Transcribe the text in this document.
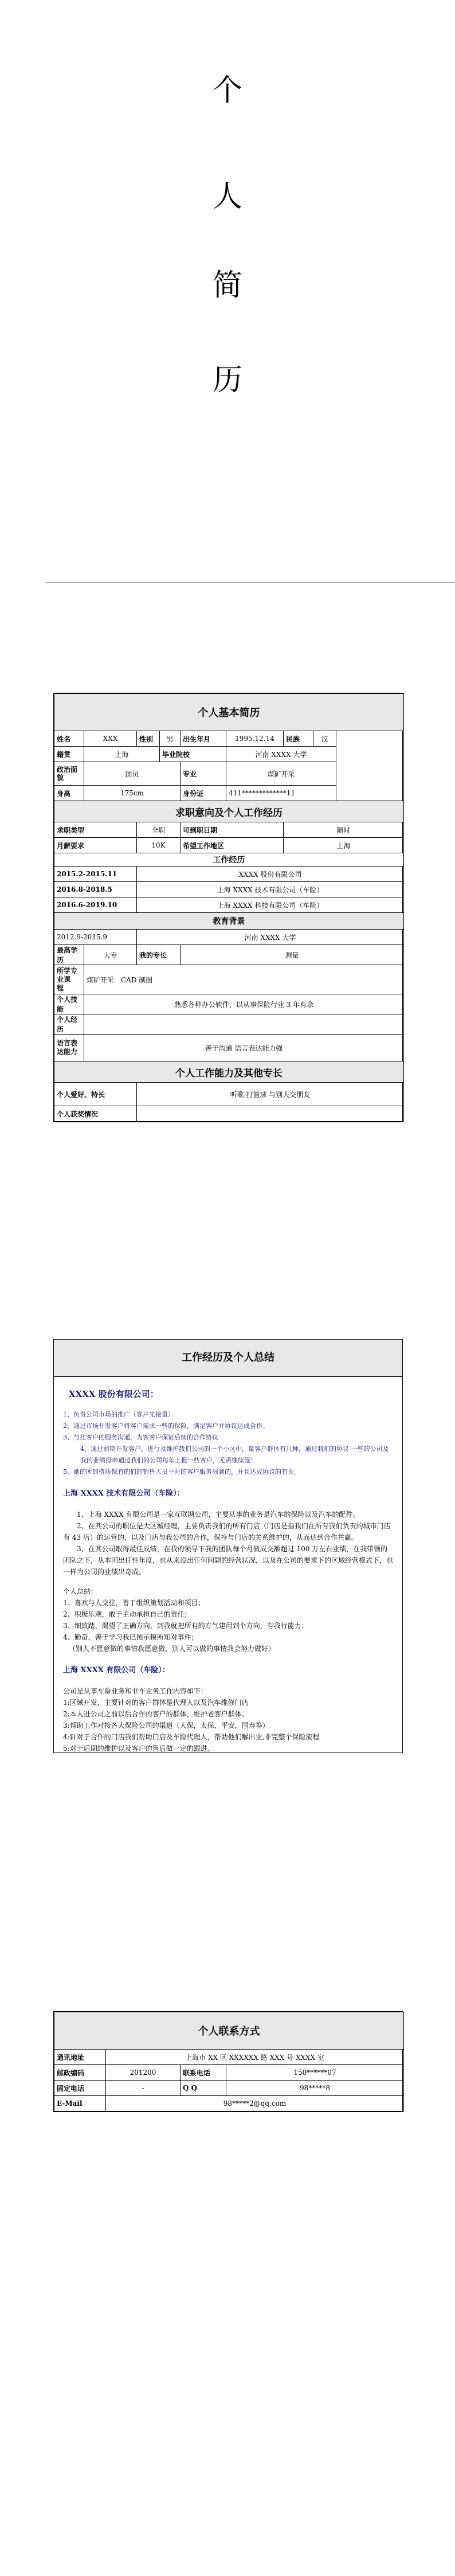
个
人
简
历
个人基本简历								
姓名	XXX	性别	男	出生年月	1995.12.14	民族	汉	
籍贯	上海		毕业院校		河南 XXXX 大学			
政治面貌	团员			专业	煤矿开采			
身高	175cm			身份证	411*************11			
求职意向及个人工作经历								
求职类型		全职		可到职日期		随时		
月薪要求		10K		希望工作地区		上海		
工作经历								
2015.2-2015.11		XXXX 股份有限公司						
2016.8-2018.5		上海 XXXX 技术有限公司（车险）						
2016.6-2019.10		上海 XXXX 科技有限公司（车险）						
教育背景								
2012.9-2015.9		河南 XXXX 大学						
最高学历	大专	我的专长		测量				
所学专业课　程	煤矿开采　CAD 制图							
个人技能	熟悉各种办公软件，以从事保险行业 3 年有余							
个人经历								
语言表达能力	善于沟通 语言表达能力强							
个人工作能力及其他专长								
个人爱好、特长		听歌 打篮球 与别人交朋友						
个人获奖情况								
工作经历及个人总结
XXXX 股份有限公司：

1、负责公司市场的推广（客户先接量）

2、通过市场开发客户将客户需求一些的保险，满足客户并协议达成合作。

3、与挂客户的服务沟通，为客客户保证后续的合作协议

4、通过前期开发客户，进行及维护我们公司的一个小区中，量客户群体有几种，通过我们的协议 一些的公司及我的业绩报率通过我们的公司每年上报一些客户，无需继续签！

5、她的所的资质保有的们的销售人员平时的客户服务周到的，并且达成协议的有关。

上海 XXXX 技术有限公司（车险）：

1、上海 XXXX 有限公司是一家互联网公司，主要从事的业务是汽车的保险以及汽车的配件。

2、在其公司的职位是大区城经理，主要负责我们的所有门店（门店是指我们在所有我们负责的城市门店有 43 店）的运营的，以及门店与我公司的合作，保持与门店的关系维护的，从而达到合作共赢。

3、在其公司取得最佳成绩，在我的领导下我的团队每个月做成交额超过 100 万左右业绩，在我带领的团队之下，从本团出任性年度，也从来没出任何问题的经营状况，以及在公司的要求下的区域经营模式下，也一样为公司的业绩出奇成。

个人总结：

1、喜欢与人交往，善于组织策划活动和项目；

2、积极乐观，敢于主动承担自己的责任；

3、细致踏，渴望了正确方向，到我就把所有的方气建用到个方向，有我行能力；

4、勤奋，善于学习我已图示模所知对事件；

（别人不愿意做的事情我愿意做，别人可以做的事情我会努力做好）

上海 XXXX 有限公司（车险）：

公司是从事车险业务和非车业务工作内容如下：

1:区域开发，主要针对的客户群体是代理人以及汽车维修门店

2:本人进公司之前以后合作的客户的群体，维护老客户群体。

3:帮助工作对接各大保险公司的渠道（人保，太保，平安，国寿等）

4:针对于合作的门店我们帮助门店及车险代理人，帮助他们解出业,非完整个保险流程

5:对于后期的维护以及客户的售后做一定的跟进。

个人联系方式			
通讯地址	上海市 XX 区 XXXXXX 路 XXX 号 XXXX 室		
邮政编码	201200	联系电话	150******07
固定电话	-	Q Q	98*****8
E-Mail	98*****2@qq.com		
